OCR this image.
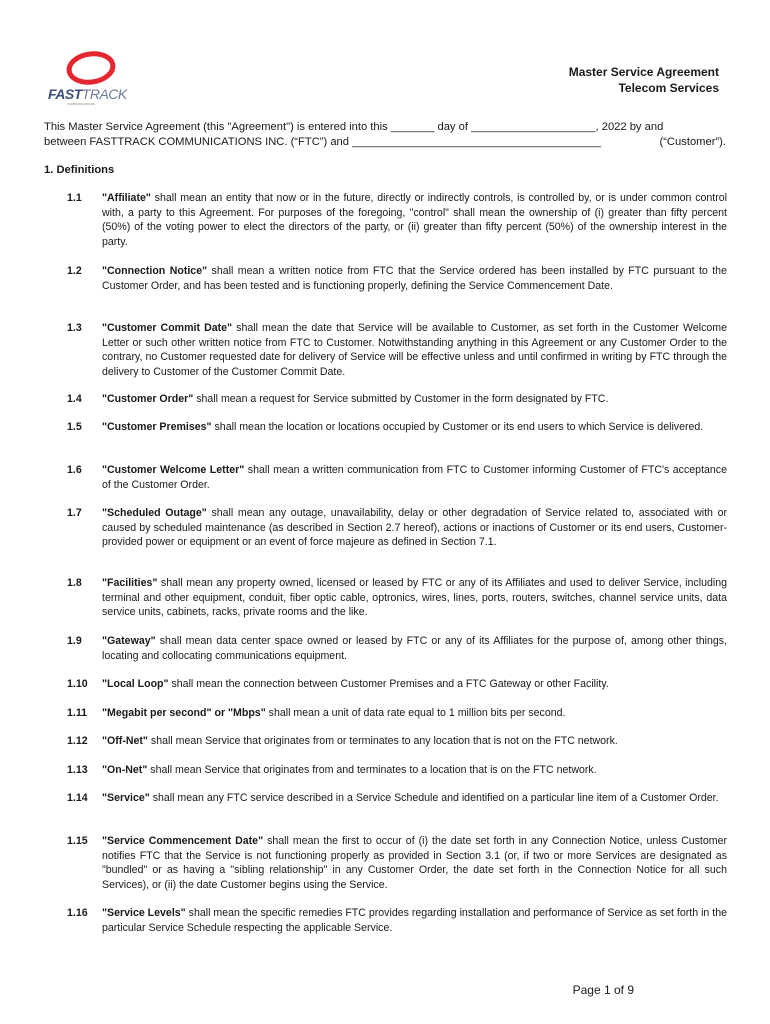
FASTTRACK
COMMUNICATIONS
Master Service Agreement
Telecom Services
This Master Service Agreement (this "Agreement") is entered into this _______ day of ____________________, 2022 by and
between FASTTRACK COMMUNICATIONS INC. (“FTC”) and ________________________________________	(“Customer”).
1. Definitions
1.1 "Affiliate" shall mean an entity that now or in the future, directly or indirectly controls, is controlled by, or is under common control with, a party to this Agreement. For purposes of the foregoing, "control" shall mean the ownership of (i) greater than fifty percent (50%) of the voting power to elect the directors of the party, or (ii) greater than fifty percent (50%) of the ownership interest in the party.
1.2 "Connection Notice" shall mean a written notice from FTC that the Service ordered has been installed by FTC pursuant to the Customer Order, and has been tested and is functioning properly, defining the Service Commencement Date.
1.3 "Customer Commit Date" shall mean the date that Service will be available to Customer, as set forth in the Customer Welcome Letter or such other written notice from FTC to Customer. Notwithstanding anything in this Agreement or any Customer Order to the contrary, no Customer requested date for delivery of Service will be effective unless and until confirmed in writing by FTC through the delivery to Customer of the Customer Commit Date.
1.4 "Customer Order" shall mean a request for Service submitted by Customer in the form designated by FTC.
1.5 "Customer Premises" shall mean the location or locations occupied by Customer or its end users to which Service is delivered.
1.6 "Customer Welcome Letter" shall mean a written communication from FTC to Customer informing Customer of FTC's acceptance of the Customer Order.
1.7 "Scheduled Outage" shall mean any outage, unavailability, delay or other degradation of Service related to, associated with or caused by scheduled maintenance (as described in Section 2.7 hereof), actions or inactions of Customer or its end users, Customer-provided power or equipment or an event of force majeure as defined in Section 7.1.
1.8 "Facilities" shall mean any property owned, licensed or leased by FTC or any of its Affiliates and used to deliver Service, including terminal and other equipment, conduit, fiber optic cable, optronics, wires, lines, ports, routers, switches, channel service units, data service units, cabinets, racks, private rooms and the like.
1.9 "Gateway" shall mean data center space owned or leased by FTC or any of its Affiliates for the purpose of, among other things, locating and collocating communications equipment.
1.10 "Local Loop" shall mean the connection between Customer Premises and a FTC Gateway or other Facility.
1.11 "Megabit per second" or "Mbps" shall mean a unit of data rate equal to 1 million bits per second.
1.12 "Off-Net" shall mean Service that originates from or terminates to any location that is not on the FTC network.
1.13 "On-Net" shall mean Service that originates from and terminates to a location that is on the FTC network.
1.14 "Service" shall mean any FTC service described in a Service Schedule and identified on a particular line item of a Customer Order.
1.15 "Service Commencement Date" shall mean the first to occur of (i) the date set forth in any Connection Notice, unless Customer notifies FTC that the Service is not functioning properly as provided in Section 3.1 (or, if two or more Services are designated as "bundled" or as having a "sibling relationship" in any Customer Order, the date set forth in the Connection Notice for all such Services), or (ii) the date Customer begins using the Service.
1.16 "Service Levels" shall mean the specific remedies FTC provides regarding installation and performance of Service as set forth in the particular Service Schedule respecting the applicable Service.
Page 1 of 9
